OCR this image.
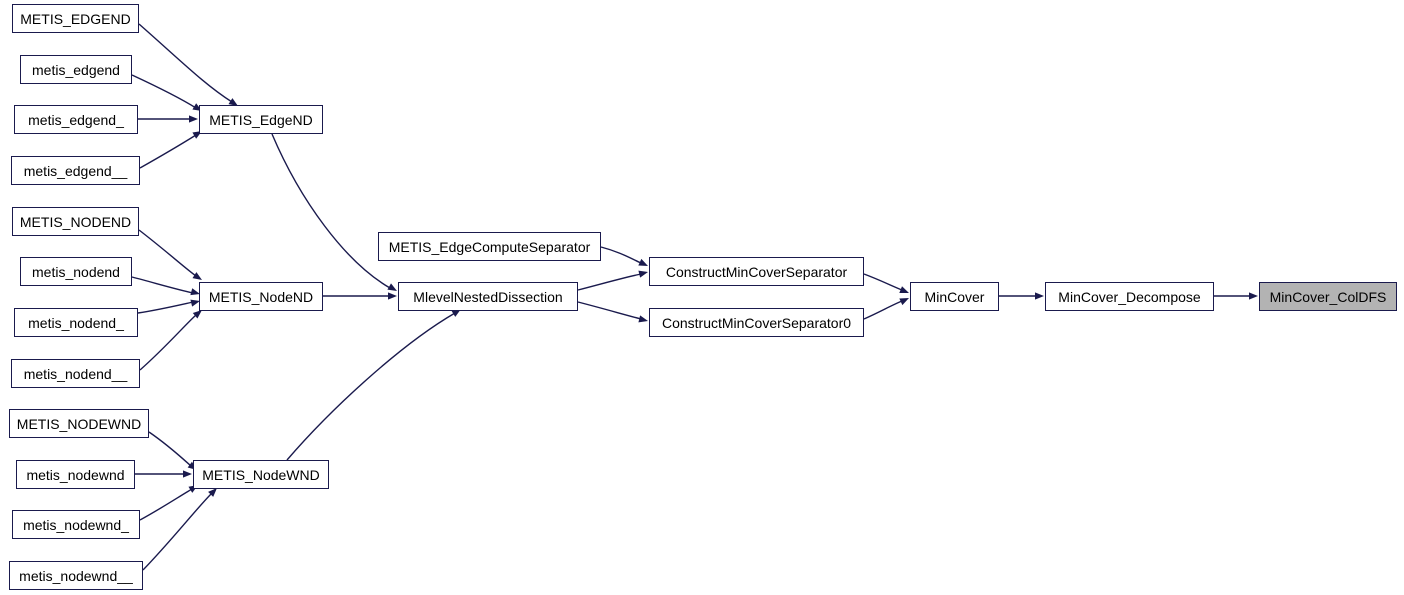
METIS_EDGEND
metis_edgend
metis_edgend_
metis_edgend__
METIS_EdgeND
METIS_NODEND
metis_nodend
metis_nodend_
metis_nodend__
METIS_NodeND
METIS_NODEWND
metis_nodewnd
metis_nodewnd_
metis_nodewnd__
METIS_NodeWND
METIS_EdgeComputeSeparator
MlevelNestedDissection
ConstructMinCoverSeparator
ConstructMinCoverSeparator0
MinCover	MinCover_Decompose	MinCover_ColDFS
